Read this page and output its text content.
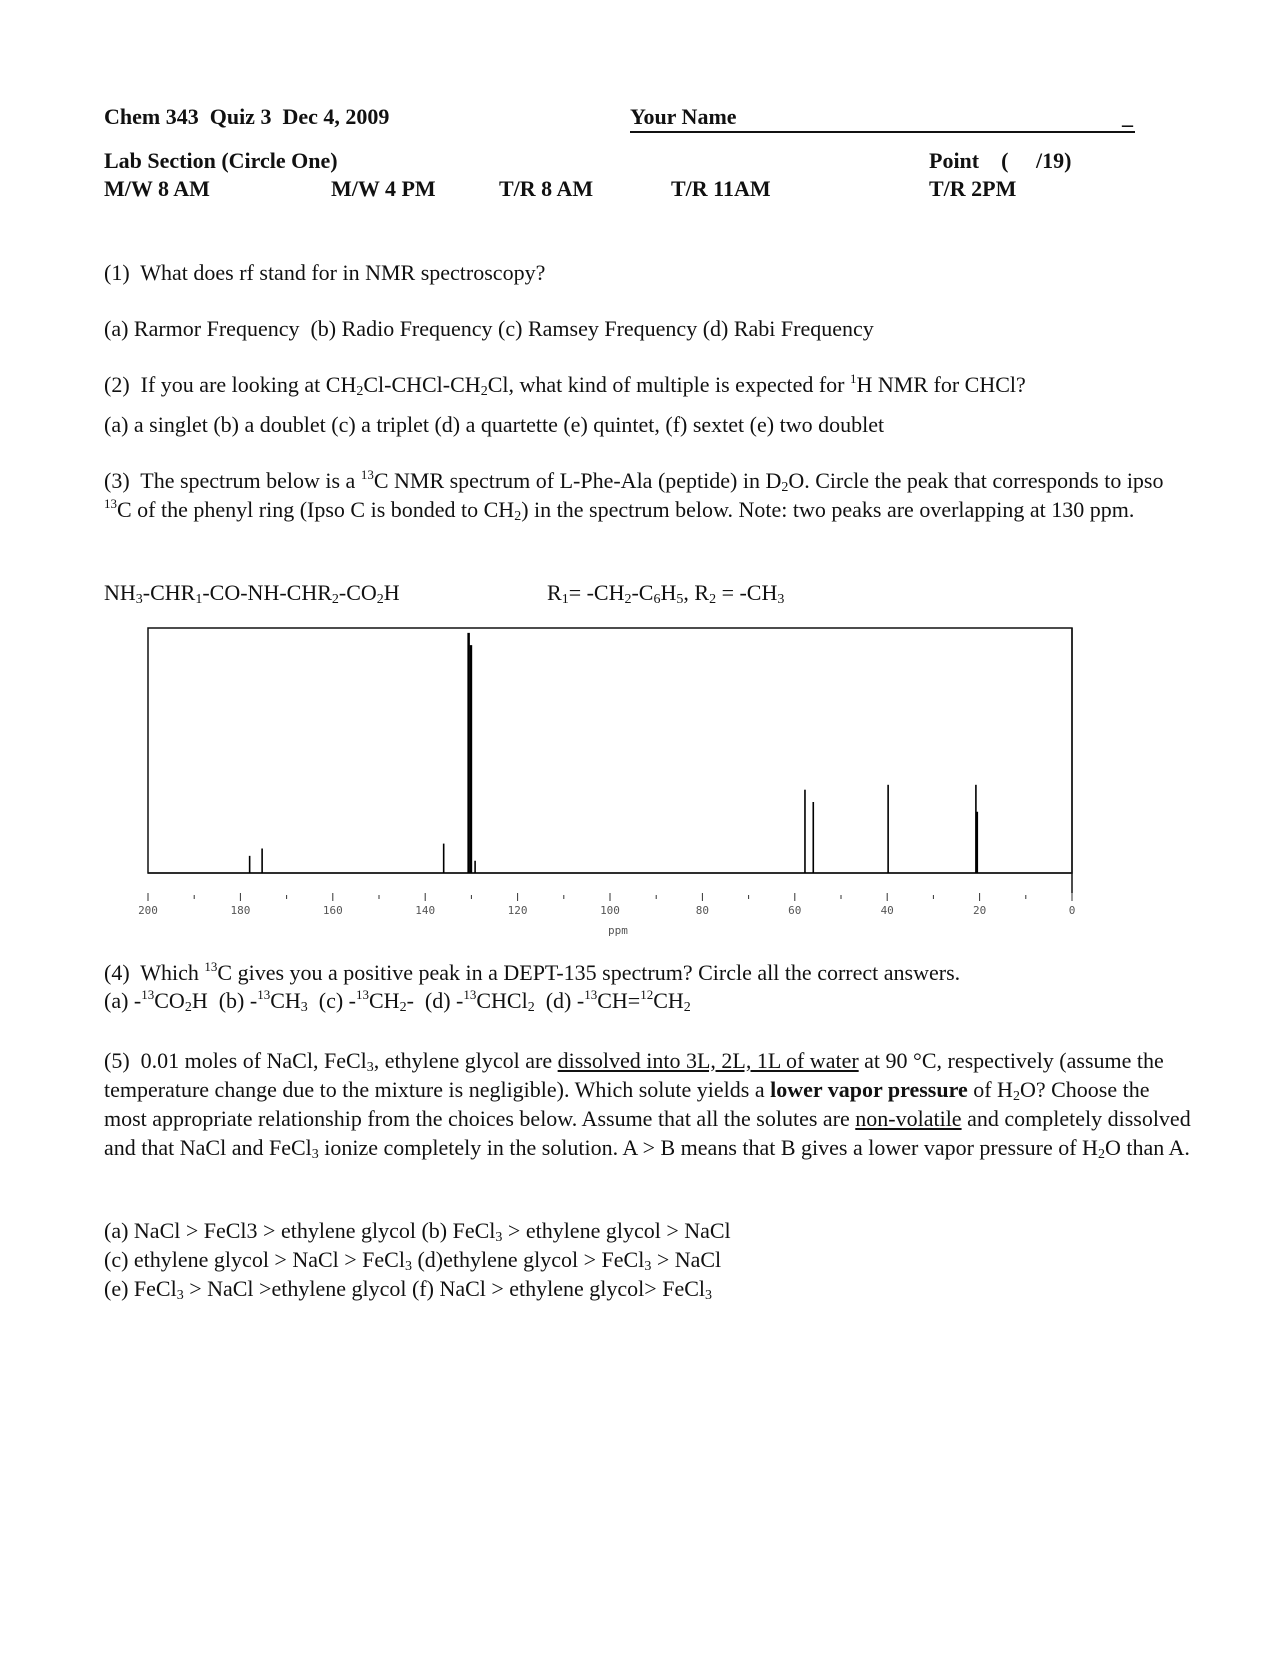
Chem 343 Quiz 3 Dec 4, 2009	Your Name	_
Lab Section (Circle One)	Point ( /19)
M/W 8 AM	M/W 4 PM	T/R 8 AM	T/R 11AM	T/R 2PM
(1) What does rf stand for in NMR spectroscopy?
(a) Rarmor Frequency (b) Radio Frequency (c) Ramsey Frequency (d) Rabi Frequency
(2) If you are looking at $CH_2Cl-CHCl-CH_2Cl$, what kind of multiple is expected for $^1$H NMR for CHCl?
(a) a singlet (b) a doublet (c) a triplet (d) a quartette (e) quintet, (f) sextet (e) two doublet
(3) The spectrum below is a $^{13}$C NMR spectrum of L-Phe-Ala (peptide) in $D_2O$. Circle the peak that corresponds to ipso $^{13}$C of the phenyl ring (Ipso C is bonded to $CH_2$) in the spectrum below. Note: two peaks are overlapping at 130 ppm.
$NH_3-CHR_1-CO-NH-CHR_2-CO_2H$	$R_1= -CH_2-C_6H_5$, $R_2 = -CH_3$
200	180	160	140	120	100	80	60	40	20	0
ppm
(4) Which $^{13}$C gives you a positive peak in a DEPT-135 spectrum? Circle all the correct answers.
(a) $-^{13}CO_2H$ (b) $-^{13}CH_3$ (c) $-^{13}CH_2-$ (d) -$^{13}$CHCl$_2$ (d) $-^{13}CH=^{12}CH_2$
(5) 0.01 moles of NaCl, FeCl$_3$, ethylene glycol are dissolved into 3L, 2L, 1L of water at 90 °C, respectively (assume the temperature change due to the mixture is negligible). Which solute yields a lower vapor pressure of $H_2O$? Choose the most appropriate relationship from the choices below. Assume that all the solutes are non-volatile and completely dissolved and that NaCl and FeCl$_3$ ionize completely in the solution. A > B means that B gives a lower vapor pressure of $H_2O$ than A.
(a) NaCl > FeCl3 > ethylene glycol (b) FeCl$_3$ > ethylene glycol > NaCl
(c) ethylene glycol > NaCl > FeCl$_3$ (d)ethylene glycol > FeCl$_3$ > NaCl
(e) FeCl$_3$ > NaCl >ethylene glycol (f) NaCl > ethylene glycol> FeCl$_3$
